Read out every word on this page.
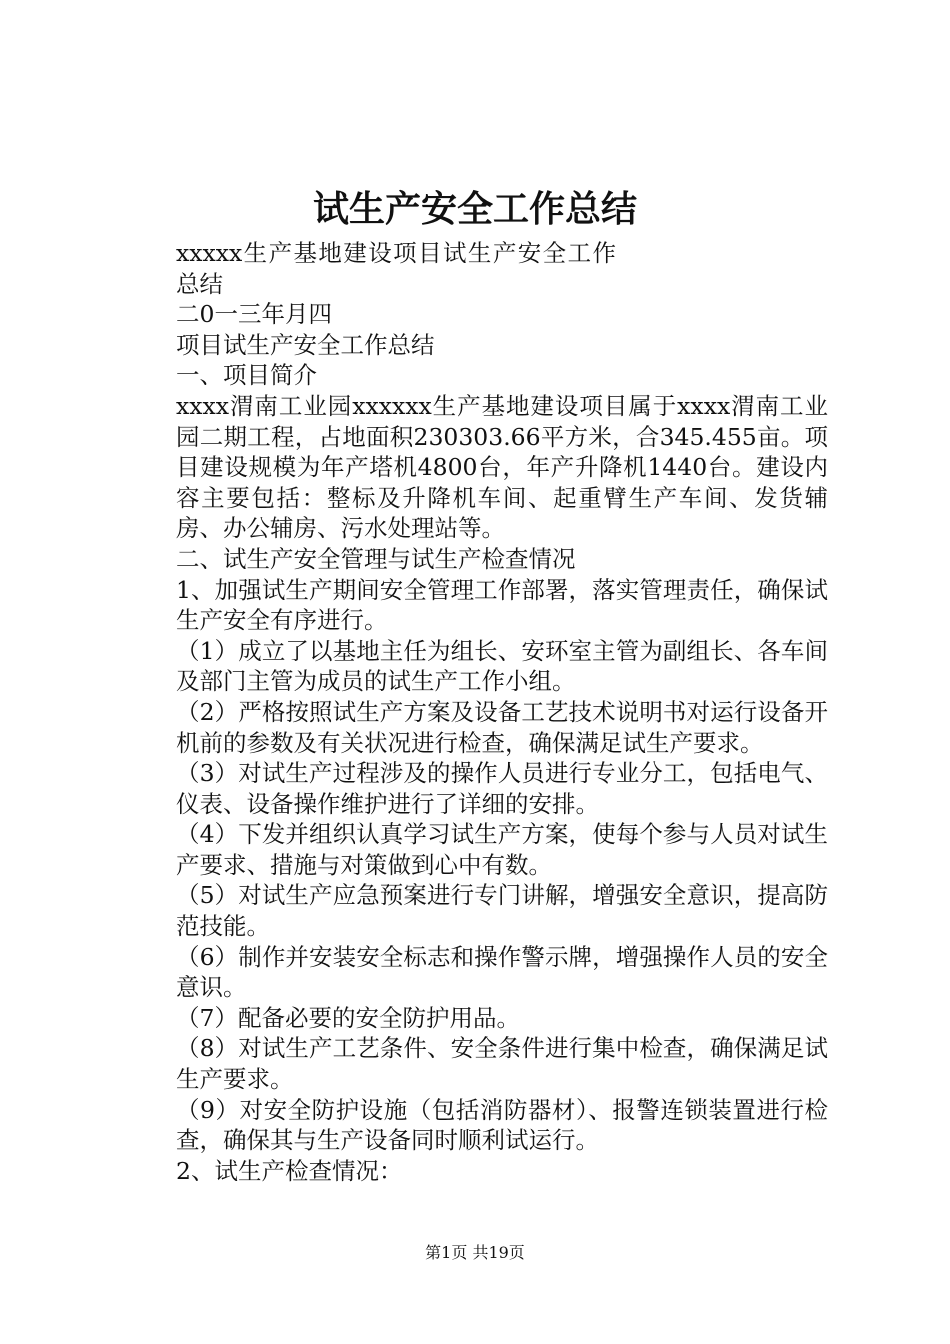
试生产安全工作总结

xxxxx生产基地建设项目试生产安全工作总结

二0一三年月四

项目试生产安全工作总结

一、项目简介

xxxx渭南工业园xxxxxx生产基地建设项目属于xxxx渭南工业园二期工程，占地面积230303.66平方米，合345.455亩。项目建设规模为年产塔机4800台，年产升降机1440台。建设内容主要包括：整标及升降机车间、起重臂生产车间、发货辅房、办公辅房、污水处理站等。

二、试生产安全管理与试生产检查情况

1、加强试生产期间安全管理工作部署，落实管理责任，确保试生产安全有序进行。

（1）成立了以基地主任为组长、安环室主管为副组长、各车间及部门主管为成员的试生产工作小组。

（2）严格按照试生产方案及设备工艺技术说明书对运行设备开机前的参数及有关状况进行检查，确保满足试生产要求。

（3）对试生产过程涉及的操作人员进行专业分工，包括电气、仪表、设备操作维护进行了详细的安排。

（4）下发并组织认真学习试生产方案，使每个参与人员对试生产要求、措施与对策做到心中有数。

（5）对试生产应急预案进行专门讲解，增强安全意识，提高防范技能。

（6）制作并安装安全标志和操作警示牌，增强操作人员的安全意识。

（7）配备必要的安全防护用品。

（8）对试生产工艺条件、安全条件进行集中检查，确保满足试生产要求。

（9）对安全防护设施（包括消防器材）、报警连锁装置进行检查，确保其与生产设备同时顺利试运行。

2、试生产检查情况：

第1页 共19页
